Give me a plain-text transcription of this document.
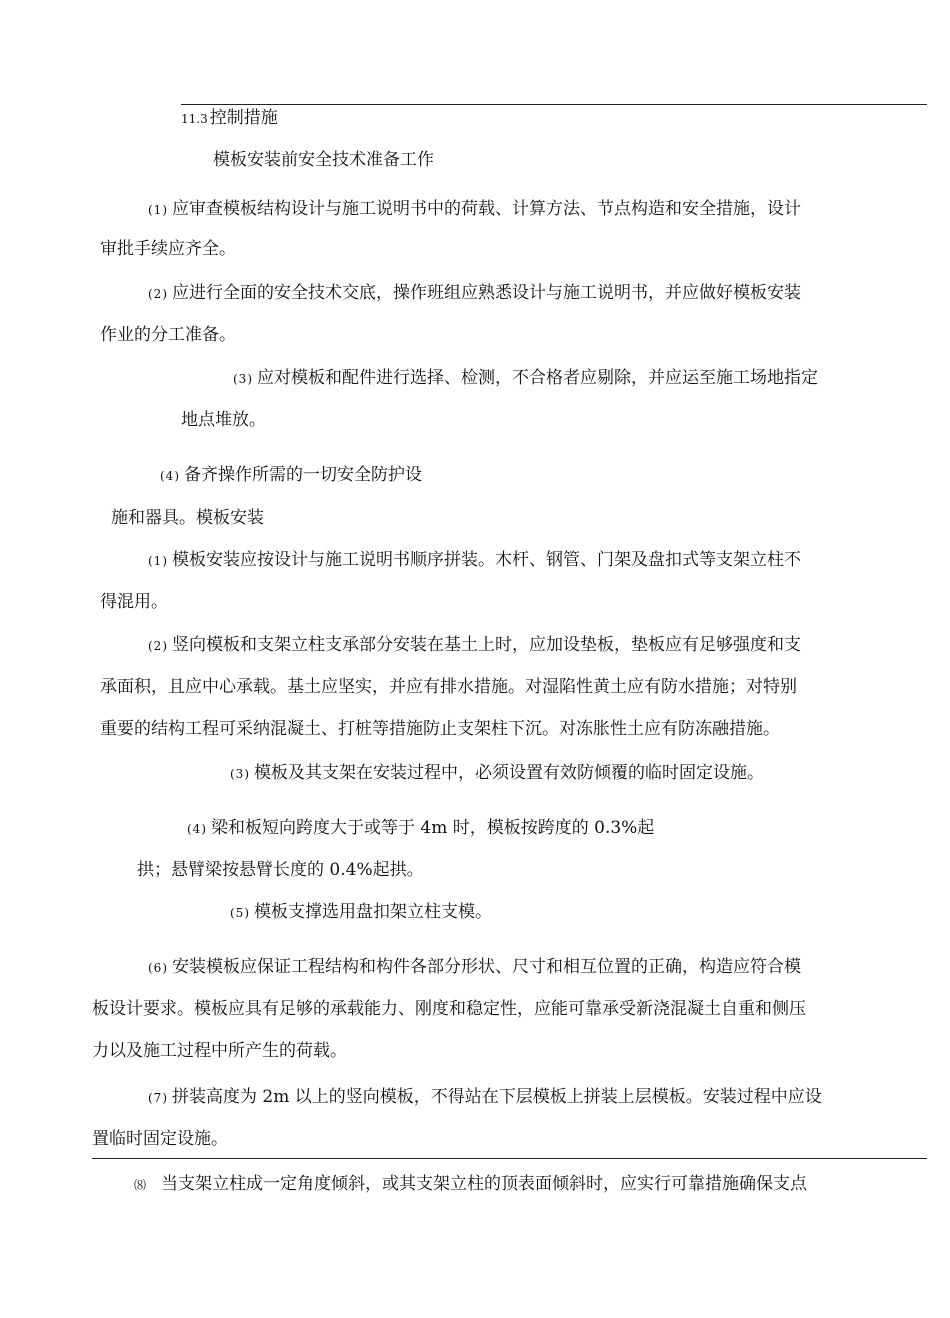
11.3 控制措施
模板安装前安全技术准备工作
(1) 应审查模板结构设计与施工说明书中的荷载、计算方法、节点构造和安全措施，设计
审批手续应齐全。
(2) 应进行全面的安全技术交底，操作班组应熟悉设计与施工说明书，并应做好模板安装
作业的分工准备。
(3) 应对模板和配件进行选择、检测，不合格者应剔除，并应运至施工场地指定
地点堆放。
(4) 备齐操作所需的一切安全防护设
施和器具。模板安装
(1) 模板安装应按设计与施工说明书顺序拼装。木杆、钢管、门架及盘扣式等支架立柱不
得混用。
(2) 竖向模板和支架立柱支承部分安装在基土上时，应加设垫板，垫板应有足够强度和支
承面积，且应中心承载。基土应坚实，并应有排水措施。对湿陷性黄土应有防水措施；对特别
重要的结构工程可采纳混凝土、打桩等措施防止支架柱下沉。对冻胀性土应有防冻融措施。
(3) 模板及其支架在安装过程中，必须设置有效防倾覆的临时固定设施。
(4) 梁和板短向跨度大于或等于 4m 时，模板按跨度的 0.3%起
拱；悬臂梁按悬臂长度的 0.4%起拱。
(5) 模板支撑选用盘扣架立柱支模。
(6) 安装模板应保证工程结构和构件各部分形状、尺寸和相互位置的正确，构造应符合模
板设计要求。模板应具有足够的承载能力、刚度和稳定性，应能可靠承受新浇混凝土自重和侧压
力以及施工过程中所产生的荷载。
(7) 拼装高度为 2m 以上的竖向模板，不得站在下层模板上拼装上层模板。安装过程中应设
置临时固定设施。
⑻ 当支架立柱成一定角度倾斜，或其支架立柱的顶表面倾斜时，应实行可靠措施确保支点
